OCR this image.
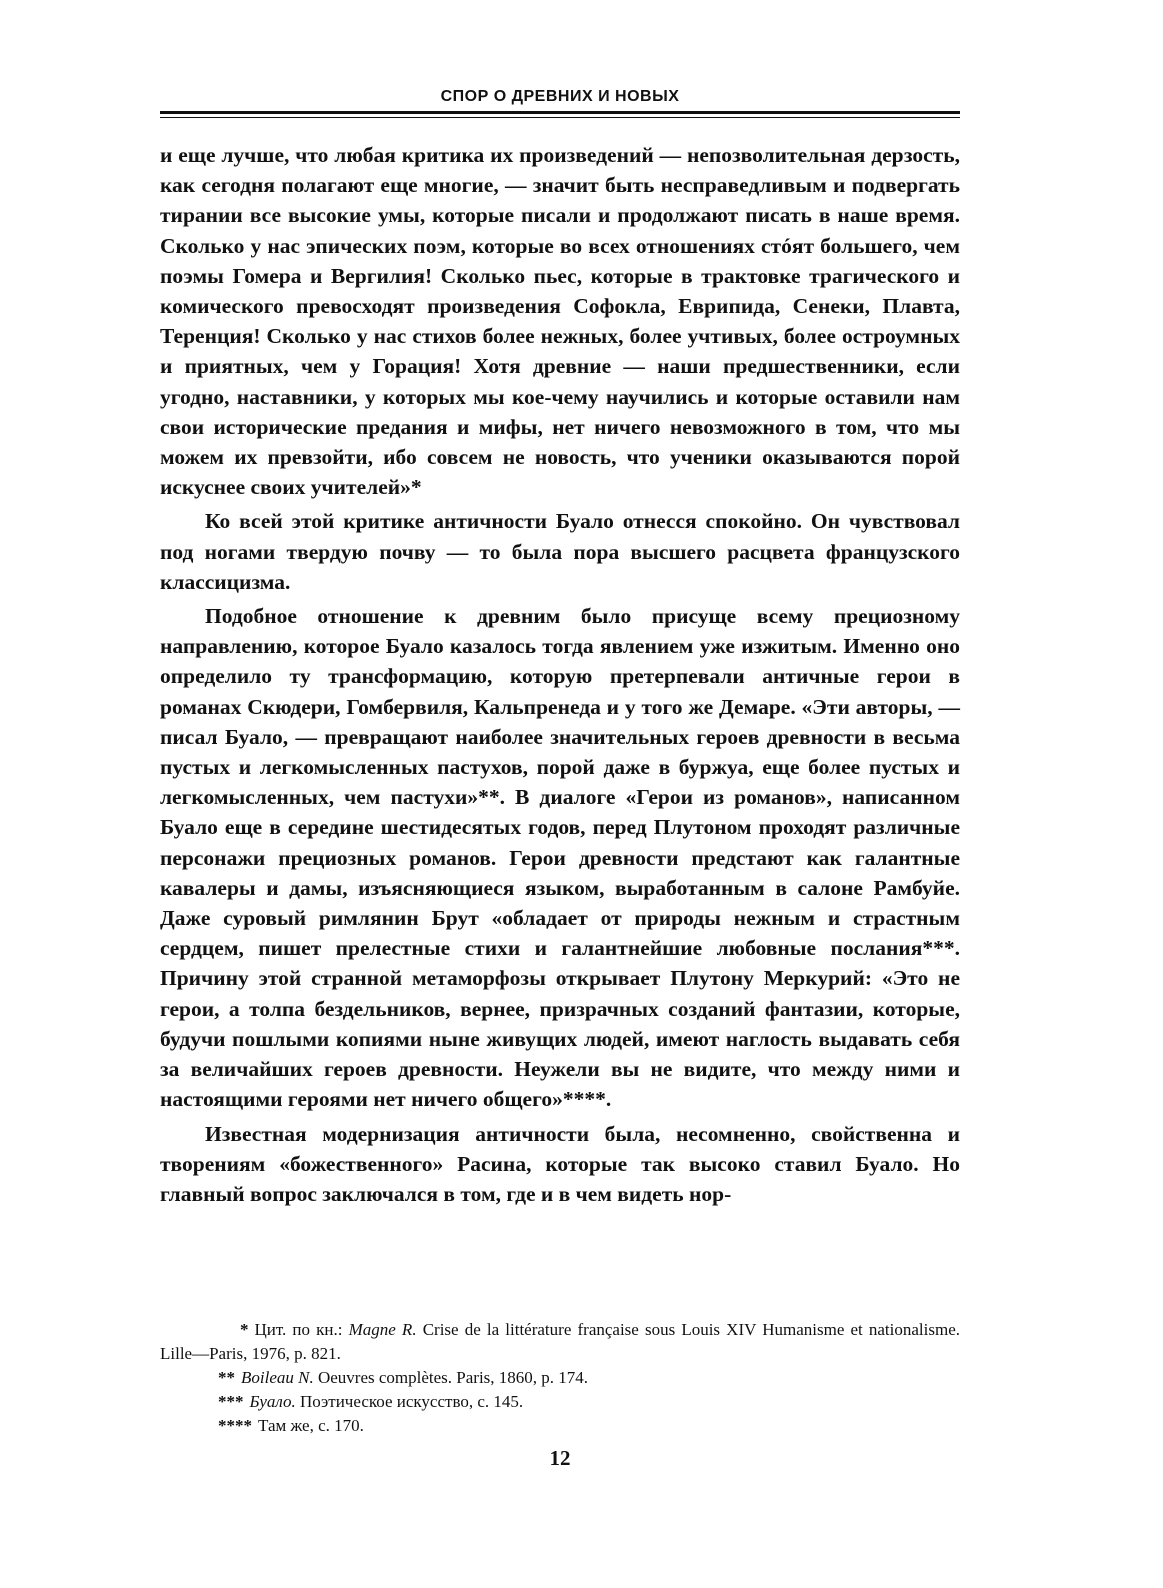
СПОР О ДРЕВНИХ И НОВЫХ

и еще лучше, что любая критика их произведений — непозволительная дерзость, как сегодня полагают еще многие, — значит быть несправедливым и подвергать тирании все высокие умы, которые писали и продолжают писать в наше время. Сколько у нас эпических поэм, которые во всех отношениях стóят большего, чем поэмы Гомера и Вергилия! Сколько пьес, которые в трактовке трагического и комического превосходят произведения Софокла, Еврипида, Сенеки, Плавта, Теренция! Сколько у нас стихов более нежных, более учтивых, более остроумных и приятных, чем у Горация! Хотя древние — наши предшественники, если угодно, наставники, у которых мы кое-чему научились и которые оставили нам свои исторические предания и мифы, нет ничего невозможного в том, что мы можем их превзойти, ибо совсем не новость, что ученики оказываются порой искуснее своих учителей»*

Ко всей этой критике античности Буало отнесся спокойно. Он чувствовал под ногами твердую почву — то была пора высшего расцвета французского классицизма.

Подобное отношение к древним было присуще всему прециозному направлению, которое Буало казалось тогда явлением уже изжитым. Именно оно определило ту трансформацию, которую претерпевали античные герои в романах Скюдери, Гомбервиля, Кальпренеда и у того же Демаре. «Эти авторы, — писал Буало, — превращают наиболее значительных героев древности в весьма пустых и легкомысленных пастухов, порой даже в буржуа, еще более пустых и легкомысленных, чем пастухи»**. В диалоге «Герои из романов», написанном Буало еще в середине шестидесятых годов, перед Плутоном проходят различные персонажи прециозных романов. Герои древности предстают как галантные кавалеры и дамы, изъясняющиеся языком, выработанным в салоне Рамбуйе. Даже суровый римлянин Брут «обладает от природы нежным и страстным сердцем, пишет прелестные стихи и галантнейшие любовные послания***. Причину этой странной метаморфозы открывает Плутону Меркурий: «Это не герои, а толпа бездельников, вернее, призрачных созданий фантазии, которые, будучи пошлыми копиями ныне живущих людей, имеют наглость выдавать себя за величайших героев древности. Неужели вы не видите, что между ними и настоящими героями нет ничего общего»****.

Известная модернизация античности была, несомненно, свойственна и творениям «божественного» Расина, которые так высоко ставил Буало. Но главный вопрос заключался в том, где и в чем видеть нор-

* Цит. по кн.: Magne R. Crise de la littérature française sous Louis XIV Humanisme et nationalisme. Lille—Paris, 1976, p. 821.

** Boileau N. Oeuvres complètes. Paris, 1860, p. 174.

*** Буало. Поэтическое искусство, с. 145.

**** Там же, с. 170.

12
